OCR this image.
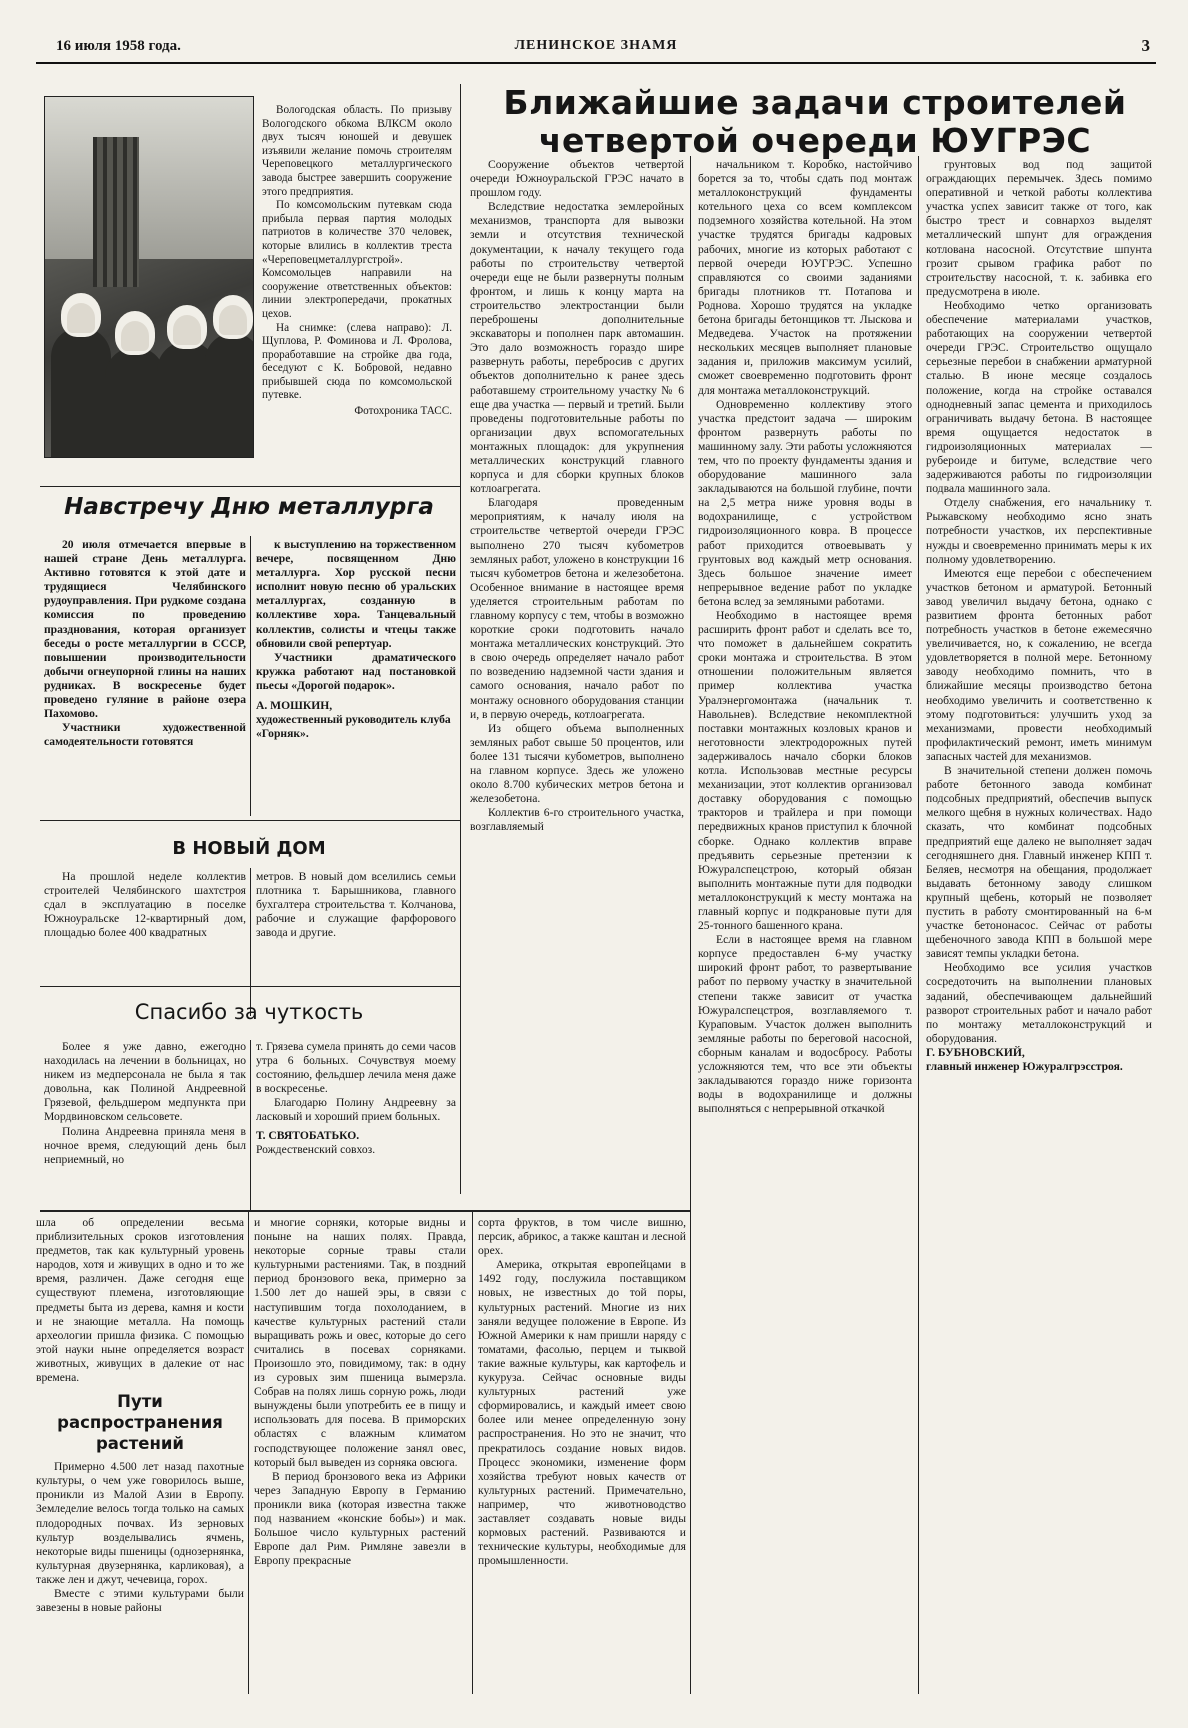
16 июля 1958 года.	ЛЕНИНСКОЕ ЗНАМЯ	3

Вологодская область. По призыву Вологодского обкома ВЛКСМ около двух тысяч юношей и девушек изъявили желание помочь строителям Череповецкого металлургического завода быстрее завершить сооружение этого предприятия.

По комсомольским путевкам сюда прибыла первая партия молодых патриотов в количестве 370 человек, которые влились в коллектив треста «Череповецметаллургстрой». Комсомольцев направили на сооружение ответственных объектов: линии электропередачи, прокатных цехов.

На снимке: (слева направо): Л. Щуплова, Р. Фоминова и Л. Фролова, проработавшие на стройке два года, беседуют с К. Бобровой, недавно прибывшей сюда по комсомольской путевке.

Фотохроника ТАСС.

Ближайшие задачи строителей четвертой очереди ЮУГРЭС

Сооружение объектов четвертой очереди Южноуральской ГРЭС начато в прошлом году.

Вследствие недостатка землеройных механизмов, транспорта для вывозки земли и отсутствия технической документации, к началу текущего года работы по строительству четвертой очереди еще не были развернуты полным фронтом, и лишь к концу марта на строительство электростанции были переброшены дополнительные экскаваторы и пополнен парк автомашин. Это дало возможность гораздо шире развернуть работы, перебросив с других объектов дополнительно к ранее здесь работавшему строительному участку № 6 еще два участка — первый и третий. Были проведены подготовительные работы по организации двух вспомогательных монтажных площадок: для укрупнения металлических конструкций главного корпуса и для сборки крупных блоков котлоагрегата.

Благодаря проведенным мероприятиям, к началу июля на строительстве четвертой очереди ГРЭС выполнено 270 тысяч кубометров земляных работ, уложено в конструкции 16 тысяч кубометров бетона и железобетона. Особенное внимание в настоящее время уделяется строительным работам по главному корпусу с тем, чтобы в возможно короткие сроки подготовить начало монтажа металлических конструкций. Это в свою очередь определяет начало работ по возведению надземной части здания и самого основания, начало работ по монтажу основного оборудования станции и, в первую очередь, котлоагрегата.

Из общего объема выполненных земляных работ свыше 50 процентов, или более 131 тысячи кубометров, выполнено на главном корпусе. Здесь же уложено около 8.700 кубических метров бетона и железобетона.

Коллектив 6-го строительного участка, возглавляемый

начальником т. Коробко, настойчиво борется за то, чтобы сдать под монтаж металлоконструкций фундаменты котельного цеха со всем комплексом подземного хозяйства котельной. На этом участке трудятся бригады кадровых рабочих, многие из которых работают с первой очереди ЮУГРЭС. Успешно справляются со своими заданиями бригады плотников тт. Потапова и Роднова. Хорошо трудятся на укладке бетона бригады бетонщиков тт. Лыскова и Медведева. Участок на протяжении нескольких месяцев выполняет плановые задания и, приложив максимум усилий, сможет своевременно подготовить фронт для монтажа металлоконструкций.

Одновременно коллективу этого участка предстоит задача — широким фронтом развернуть работы по машинному залу. Эти работы усложняются тем, что по проекту фундаменты здания и оборудование машинного зала закладываются на большой глубине, почти на 2,5 метра ниже уровня воды в водохранилище, с устройством гидроизоляционного ковра. В процессе работ приходится отвоевывать у грунтовых вод каждый метр основания. Здесь большое значение имеет непрерывное ведение работ по укладке бетона вслед за земляными работами.

Необходимо в настоящее время расширить фронт работ и сделать все то, что поможет в дальнейшем сократить сроки монтажа и строительства. В этом отношении положительным является пример коллектива участка Уралэнергомонтажа (начальник т. Навольнев). Вследствие некомплектной поставки монтажных козловых кранов и неготовности электродорожных путей задерживалось начало сборки блоков котла. Использовав местные ресурсы механизации, этот коллектив организовал доставку оборудования с помощью тракторов и трайлера и при помощи передвижных кранов приступил к блочной сборке. Однако коллектив вправе предъявить серьезные претензии к Южуралспецстрою, который обязан выполнить монтажные пути для подводки металлоконструкций к месту монтажа на главный корпус и подкрановые пути для 25-тонного башенного крана.

Если в настоящее время на главном корпусе предоставлен 6-му участку широкий фронт работ, то развертывание работ по первому участку в значительной степени также зависит от участка Южуралспецстроя, возглавляемого т. Кураповым. Участок должен выполнить земляные работы по береговой насосной, сборным каналам и водосбросу. Работы усложняются тем, что все эти объекты закладываются гораздо ниже горизонта воды в водохранилище и должны выполняться с непрерывной откачкой

грунтовых вод под защитой ограждающих перемычек. Здесь помимо оперативной и четкой работы коллектива участка успех зависит также от того, как быстро трест и совнархоз выделят металлический шпунт для ограждения котлована насосной. Отсутствие шпунта грозит срывом графика работ по строительству насосной, т. к. забивка его предусмотрена в июле.

Необходимо четко организовать обеспечение материалами участков, работающих на сооружении четвертой очереди ГРЭС. Строительство ощущало серьезные перебои в снабжении арматурной сталью. В июне месяце создалось положение, когда на стройке оставался однодневный запас цемента и приходилось ограничивать выдачу бетона. В настоящее время ощущается недостаток в гидроизоляционных материалах — рубероиде и битуме, вследствие чего задерживаются работы по гидроизоляции подвала машинного зала.

Отделу снабжения, его начальнику т. Рыжавскому необходимо ясно знать потребности участков, их перспективные нужды и своевременно принимать меры к их полному удовлетворению.

Имеются еще перебои с обеспечением участков бетоном и арматурой. Бетонный завод увеличил выдачу бетона, однако с развитием фронта бетонных работ потребность участков в бетоне ежемесячно увеличивается, но, к сожалению, не всегда удовлетворяется в полной мере. Бетонному заводу необходимо помнить, что в ближайшие месяцы производство бетона необходимо увеличить и соответственно к этому подготовиться: улучшить уход за механизмами, провести необходимый профилактический ремонт, иметь минимум запасных частей для механизмов.

В значительной степени должен помочь работе бетонного завода комбинат подсобных предприятий, обеспечив выпуск мелкого щебня в нужных количествах. Надо сказать, что комбинат подсобных предприятий еще далеко не выполняет задач сегодняшнего дня. Главный инженер КПП т. Беляев, несмотря на обещания, продолжает выдавать бетонному заводу слишком крупный щебень, который не позволяет пустить в работу смонтированный на 6-м участке бетононасос. Сейчас от работы щебеночного завода КПП в большой мере зависят темпы укладки бетона.

Необходимо все усилия участков сосредоточить на выполнении плановых заданий, обеспечивающем дальнейший разворот строительных работ и начало работ по монтажу металлоконструкций и оборудования.

Г. БУБНОВСКИЙ,

главный инженер Южуралгрэсстроя.

Навстречу Дню металлурга

20 июля отмечается впервые в нашей стране День металлурга. Активно готовятся к этой дате и трудящиеся Челябинского рудоуправления. При рудкоме создана комиссия по проведению празднования, которая организует беседы о росте металлургии в СССР, повышении производительности добычи огнеупорной глины на наших рудниках. В воскресенье будет проведено гуляние в районе озера Пахомово.

Участники художественной самодеятельности готовятся

к выступлению на торжественном вечере, посвященном Дню металлурга. Хор русской песни исполнит новую песню об уральских металлургах, созданную в коллективе хора. Танцевальный коллектив, солисты и чтецы также обновили свой репертуар.

Участники драматического кружка работают над постановкой пьесы «Дорогой подарок».

А. МОШКИН,

художественный руководитель клуба «Горняк».

В НОВЫЙ ДОМ

На прошлой неделе коллектив строителей Челябинского шахтстроя сдал в эксплуатацию в поселке Южноуральске 12-квартирный дом, площадью более 400 квадратных

метров. В новый дом вселились семьи плотника т. Барышникова, главного бухгалтера строительства т. Колчанова, рабочие и служащие фарфорового завода и другие.

Спасибо за чуткость

Более я уже давно, ежегодно находилась на лечении в больницах, но никем из медперсонала не была я так довольна, как Полиной Андреевной Грязевой, фельдшером медпункта при Мордвиновском сельсовете.

Полина Андреевна приняла меня в ночное время, следующий день был неприемный, но

т. Грязева сумела принять до семи часов утра 6 больных. Сочувствуя моему состоянию, фельдшер лечила меня даже в воскресенье.

Благодарю Полину Андреевну за ласковый и хороший прием больных.

Т. СВЯТОБАТЬКО.

Рождественский совхоз.

шла об определении весьма приблизительных сроков изготовления предметов, так как культурный уровень народов, хотя и живущих в одно и то же время, различен. Даже сегодня еще существуют племена, изготовляющие предметы быта из дерева, камня и кости и не знающие металла. На помощь археологии пришла физика. С помощью этой науки ныне определяется возраст животных, живущих в далекие от нас времена.

Пути распространения растений

Примерно 4.500 лет назад пахотные культуры, о чем уже говорилось выше, проникли из Малой Азии в Европу. Земледелие велось тогда только на самых плодородных почвах. Из зерновых культур возделывались ячмень, некоторые виды пшеницы (однозернянка, культурная двузернянка, карликовая), а также лен и джут, чечевица, горох.

Вместе с этими культурами были завезены в новые районы

и многие сорняки, которые видны и поныне на наших полях. Правда, некоторые сорные травы стали культурными растениями. Так, в поздний период бронзового века, примерно за 1.500 лет до нашей эры, в связи с наступившим тогда похолоданием, в качестве культурных растений стали выращивать рожь и овес, которые до сего считались в посевах сорняками. Произошло это, повидимому, так: в одну из суровых зим пшеница вымерзла. Собрав на полях лишь сорную рожь, люди вынуждены были употребить ее в пищу и использовать для посева. В приморских областях с влажным климатом господствующее положение занял овес, который был выведен из сорняка овсюга.

В период бронзового века из Африки через Западную Европу в Германию проникли вика (которая известна также под названием «конские бобы») и мак. Большое число культурных растений Европе дал Рим. Римляне завезли в Европу прекрасные

сорта фруктов, в том числе вишню, персик, абрикос, а также каштан и лесной орех.

Америка, открытая европейцами в 1492 году, послужила поставщиком новых, не известных до той поры, культурных растений. Многие из них заняли ведущее положение в Европе. Из Южной Америки к нам пришли наряду с томатами, фасолью, перцем и тыквой такие важные культуры, как картофель и кукуруза. Сейчас основные виды культурных растений уже сформировались, и каждый имеет свою более или менее определенную зону распространения. Но это не значит, что прекратилось создание новых видов. Процесс экономики, изменение форм хозяйства требуют новых качеств от культурных растений. Примечательно, например, что животноводство заставляет создавать новые виды кормовых растений. Развиваются и технические культуры, необходимые для промышленности.
